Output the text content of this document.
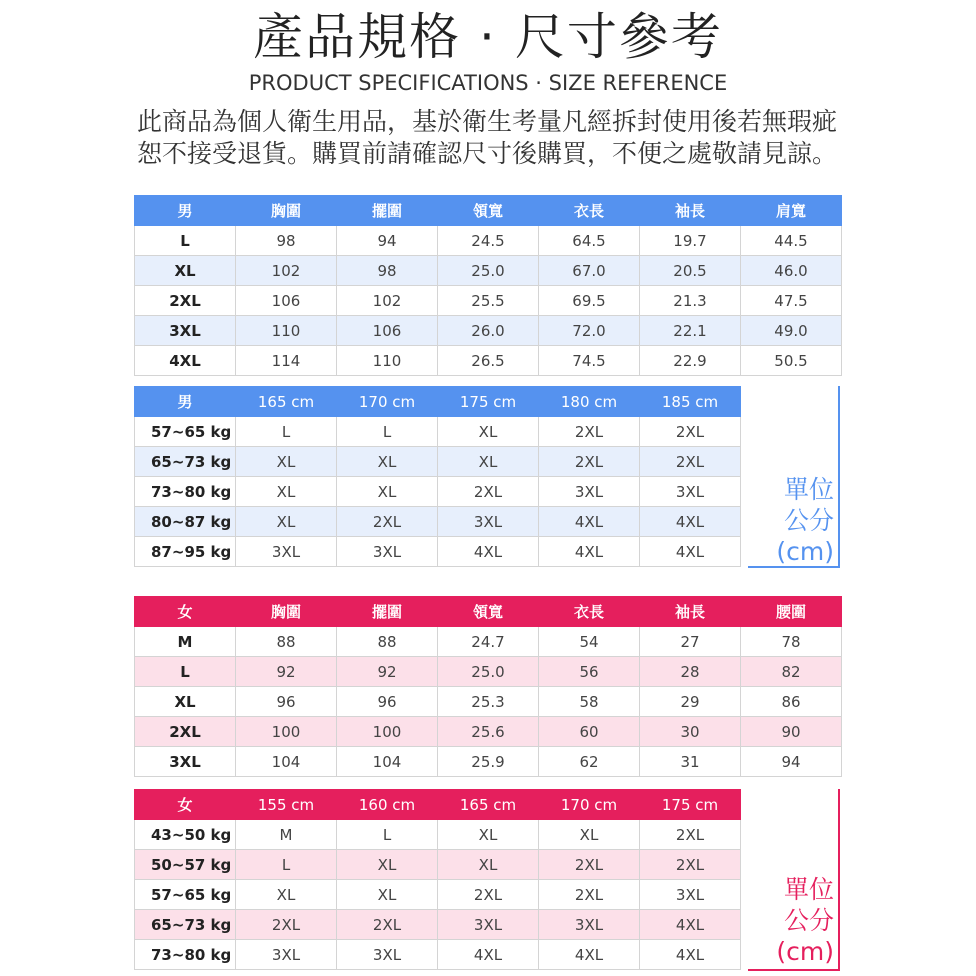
產品規格 · 尺寸參考
PRODUCT SPECIFICATIONS · SIZE REFERENCE
此商品為個人衛生用品，基於衛生考量凡經拆封使用後若無瑕疵
恕不接受退貨。購買前請確認尺寸後購買，不便之處敬請見諒。
男	胸圍	擺圍	領寬	衣長	袖長	肩寬
L	98	94	24.5	64.5	19.7	44.5
XL	102	98	25.0	67.0	20.5	46.0
2XL	106	102	25.5	69.5	21.3	47.5
3XL	110	106	26.0	72.0	22.1	49.0
4XL	114	110	26.5	74.5	22.9	50.5
男	165 cm	170 cm	175 cm	180 cm	185 cm
57~65 kg	L	L	XL	2XL	2XL
65~73 kg	XL	XL	XL	2XL	2XL
73~80 kg	XL	XL	2XL	3XL	3XL
80~87 kg	XL	2XL	3XL	4XL	4XL
87~95 kg	3XL	3XL	4XL	4XL	4XL
單位
公分
(cm)
女	胸圍	擺圍	領寬	衣長	袖長	腰圍
M	88	88	24.7	54	27	78
L	92	92	25.0	56	28	82
XL	96	96	25.3	58	29	86
2XL	100	100	25.6	60	30	90
3XL	104	104	25.9	62	31	94
女	155 cm	160 cm	165 cm	170 cm	175 cm
43~50 kg	M	L	XL	XL	2XL
50~57 kg	L	XL	XL	2XL	2XL
57~65 kg	XL	XL	2XL	2XL	3XL
65~73 kg	2XL	2XL	3XL	3XL	4XL
73~80 kg	3XL	3XL	4XL	4XL	4XL
單位
公分
(cm)
